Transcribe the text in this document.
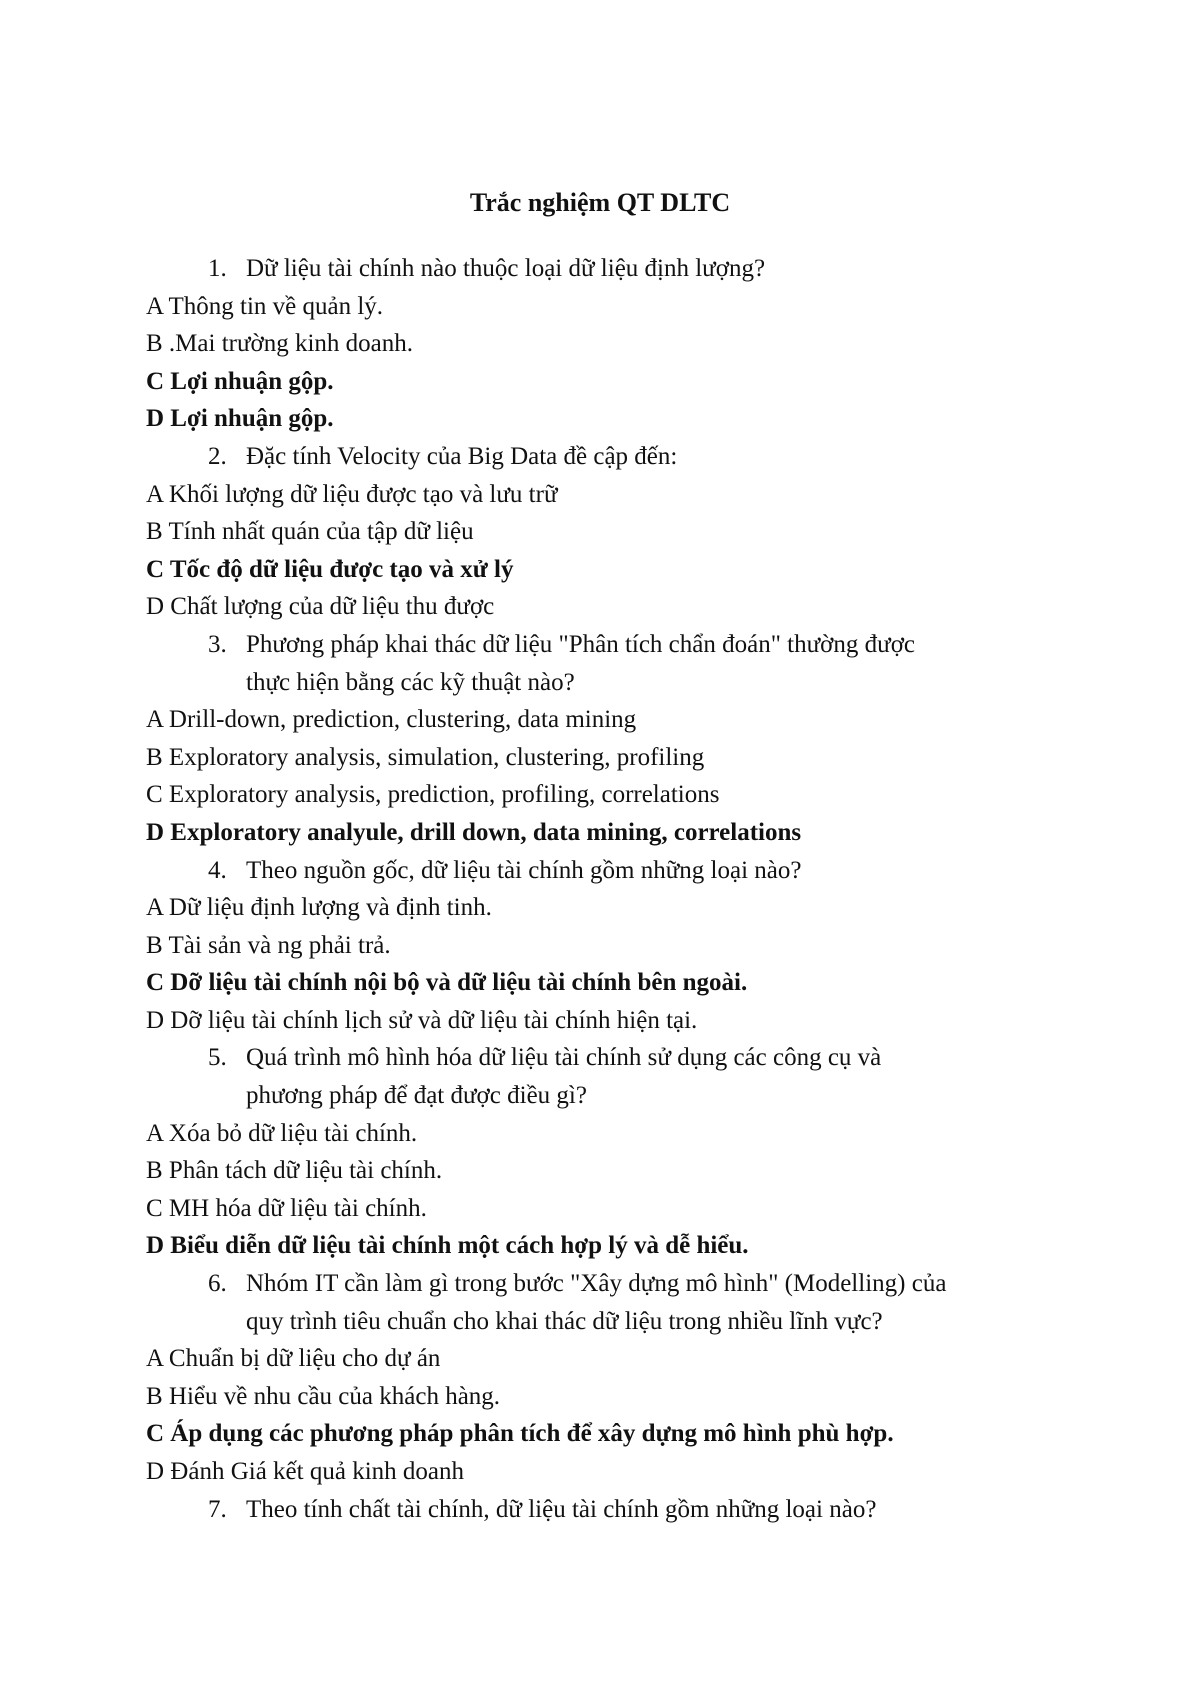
Trắc nghiệm QT DLTC
1. Dữ liệu tài chính nào thuộc loại dữ liệu định lượng?
A Thông tin về quản lý.
B .Mai trường kinh doanh.
C Lợi nhuận gộp.
D Lợi nhuận gộp.
2. Đặc tính Velocity của Big Data đề cập đến:
A Khối lượng dữ liệu được tạo và lưu trữ
B Tính nhất quán của tập dữ liệu
C Tốc độ dữ liệu được tạo và xử lý
D Chất lượng của dữ liệu thu được
3. Phương pháp khai thác dữ liệu "Phân tích chẩn đoán" thường được
thực hiện bằng các kỹ thuật nào?
A Drill-down, prediction, clustering, data mining
B Exploratory analysis, simulation, clustering, profiling
C Exploratory analysis, prediction, profiling, correlations
D Exploratory analyule, drill down, data mining, correlations
4. Theo nguồn gốc, dữ liệu tài chính gồm những loại nào?
A Dữ liệu định lượng và định tinh.
B Tài sản và ng phải trả.
C Dỡ liệu tài chính nội bộ và dữ liệu tài chính bên ngoài.
D Dỡ liệu tài chính lịch sử và dữ liệu tài chính hiện tại.
5. Quá trình mô hình hóa dữ liệu tài chính sử dụng các công cụ và
phương pháp để đạt được điều gì?
A Xóa bỏ dữ liệu tài chính.
B Phân tách dữ liệu tài chính.
C MH hóa dữ liệu tài chính.
D Biểu diễn dữ liệu tài chính một cách hợp lý và dễ hiểu.
6. Nhóm IT cần làm gì trong bước "Xây dựng mô hình" (Modelling) của
quy trình tiêu chuẩn cho khai thác dữ liệu trong nhiều lĩnh vực?
A Chuẩn bị dữ liệu cho dự án
B Hiểu về nhu cầu của khách hàng.
C Áp dụng các phương pháp phân tích để xây dựng mô hình phù hợp.
D Đánh Giá kết quả kinh doanh
7. Theo tính chất tài chính, dữ liệu tài chính gồm những loại nào?
